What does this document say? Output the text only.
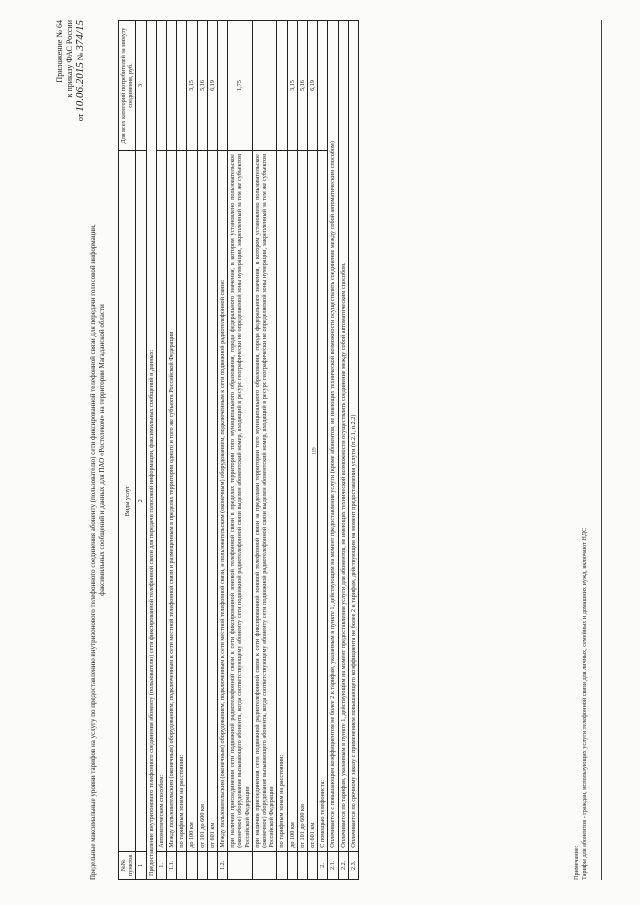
119
Приложение № 64 к приказу ФАС России
от 10.06.2015 № 374/15
Предельные максимальные уровни тарифов на услугу по предоставлению внутризонового телефонного соединения абоненту (пользователю) сети фиксированной телефонной связи для передачи голосовой информации, факсимильных сообщений и данных для ПАО «Ростелеком» на территории Магаданской области
№№ пунктов	Виды услуг	Для всех категорий потребителей за минуту соединения, руб.
1	2	3
Предоставление внутризонового телефонного соединения абоненту (пользователю) сети фиксированной телефонной связи для передачи голосовой информации, факсимильных сообщений и данных:		
1.	Автоматическим способом:	
1.1.	Между пользовательским (оконечным) оборудованием, подключенным к сети местной телефонной связи и размещенным в пределах территории одного и того же субъекта Российской Федерации	
	по тарифным зонам на расстоянии:	
	до 100 км	3,15
	от 101 до 600 км	5,16
	от 601 км	6,19
1.2.	Между пользовательским (оконечным) оборудованием, подключенным к сети местной телефонной связи, и пользовательским (оконечным) оборудованием, подключенным к сети подвижной радиотелефонной связи:	
	при наличии присоединения сети подвижной радиотелефонной связи к сети фиксированной зоновой телефонной связи в пределах территории того муниципального образования, города федерального значения, в котором установлено пользовательское (оконечное) оборудование вызывающего абонента, когда соответствующему абоненту сети подвижной радиотелефонной связи выделен абонентский номер, входящий в ресурс географически не определяемой зоны нумерации, закрепленный за тем же субъектом Российской Федерации	1,75
	при наличии присоединения сети подвижной радиотелефонной связи к сети фиксированной зоновой телефонной связи за пределами территории того муниципального образования, города федерального значения, в котором установлено пользовательское (оконечное) оборудование вызывающего абонента, когда соответствующему абоненту сети подвижной радиотелефонной связи выделен абонентский номер, входящий в ресурс географически не определяемой зоны нумерации, закрепленный за тем же субъектом Российской Федерации	
	по тарифным зонам на расстоянии:	
	до 100 км	3,15
	от 101 до 600 км	5,16
	от 601 км	6,19
2.	С помощью телефониста:	
2.1.	Оплачивается с повышающим коэффициентом не более 2 к тарифам, указанным в пункте 1, действующим на момент предоставления услуги (кроме абонентов, не имеющих технической возможности осуществлять соединение между собой автоматическим способом)	
2.2.	Оплачивается по тарифам, указанным в пункте 1, действующим на момент предоставления услуги для абонентов, не имеющих технической возможности осуществлять соединение между собой автоматическим способом.	
2.3.	Оплачивается по срочному заказу с применением повышающего коэффициента не более 2 к тарифам, действующим на момент предоставления услуги (п.2.1, п.2.2)	
Примечание: Тарифы для абонентов - граждан, использующих услуги телефонной связи для личных, семейных и домашних нужд, включают НДС
